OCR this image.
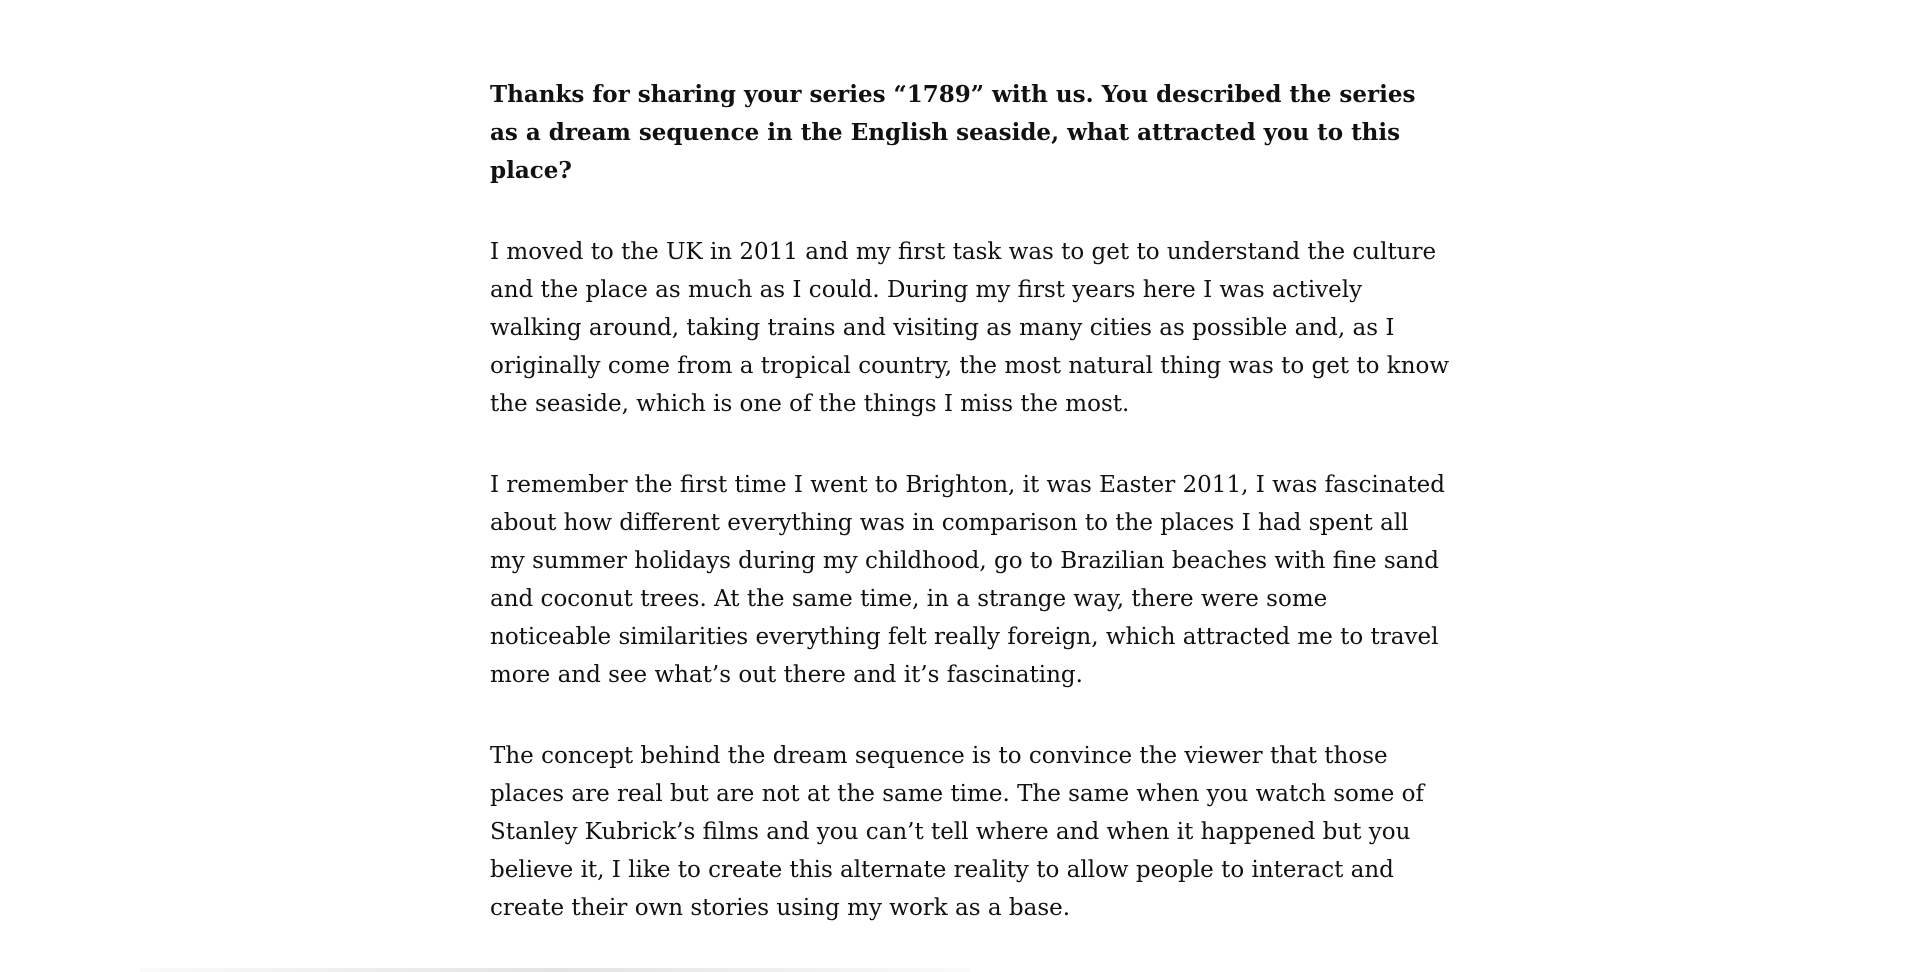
Thanks for sharing your series “1789” with us. You described the series as a dream sequence in the English seaside, what attracted you to this place?

I moved to the UK in 2011 and my first task was to get to understand the culture and the place as much as I could. During my first years here I was actively walking around, taking trains and visiting as many cities as possible and, as I originally come from a tropical country, the most natural thing was to get to know the seaside, which is one of the things I miss the most.

I remember the first time I went to Brighton, it was Easter 2011, I was fascinated about how different everything was in comparison to the places I had spent all my summer holidays during my childhood, go to Brazilian beaches with fine sand and coconut trees. At the same time, in a strange way, there were some noticeable similarities everything felt really foreign, which attracted me to travel more and see what’s out there and it’s fascinating.

The concept behind the dream sequence is to convince the viewer that those places are real but are not at the same time. The same when you watch some of Stanley Kubrick’s films and you can’t tell where and when it happened but you believe it, I like to create this alternate reality to allow people to interact and create their own stories using my work as a base.
